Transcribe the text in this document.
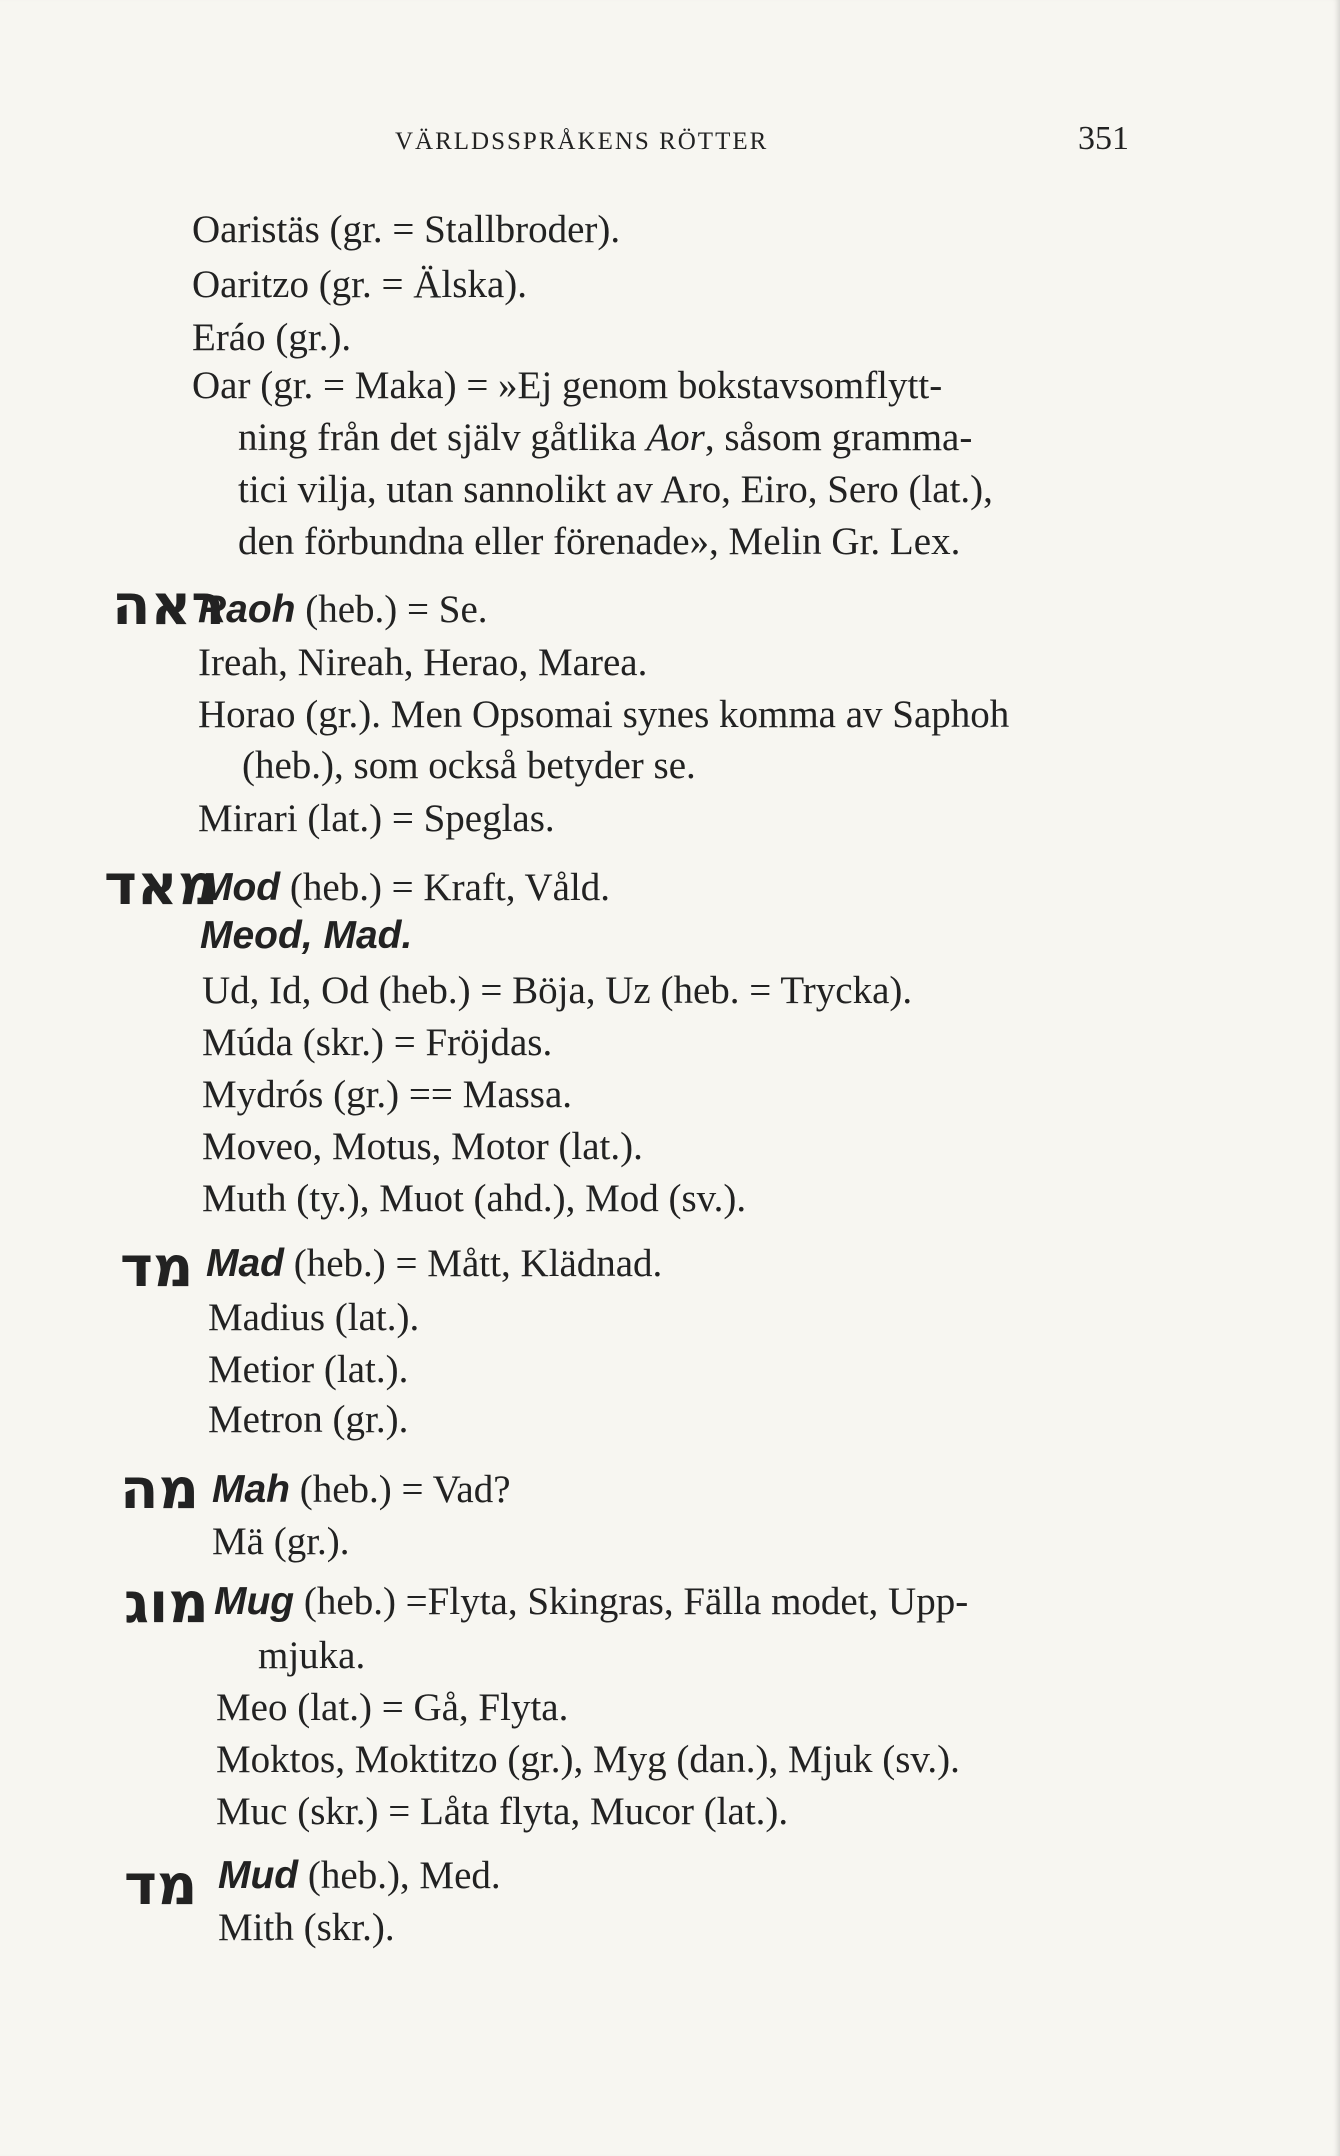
VÄRLDSSPRÅKENS RÖTTER	351
Oaristäs (gr. = Stallbroder).
Oaritzo (gr. = Älska).
Eráo (gr.).
Oar (gr. = Maka) = »Ej genom bokstavsomflytt-
ning från det själv gåtlika Aor, såsom gramma-
tici vilja, utan sannolikt av Aro, Eiro, Sero (lat.),
den förbundna eller förenade», Melin Gr. Lex.
ראה
Raoh (heb.) = Se.
Ireah, Nireah, Herao, Marea.
Horao (gr.). Men Opsomai synes komma av Saphoh
(heb.), som också betyder se.
Mirari (lat.) = Speglas.
מאד
Mod (heb.) = Kraft, Våld.
Meod, Mad.
Ud, Id, Od (heb.) = Böja, Uz (heb. = Trycka).
Múda (skr.) = Fröjdas.
Mydrós (gr.) == Massa.
Moveo, Motus, Motor (lat.).
Muth (ty.), Muot (ahd.), Mod (sv.).
מד Mad (heb.) = Mått, Klädnad.
Madius (lat.).
Metior (lat.).
Metron (gr.).
מה Mah (heb.) = Vad?
Mä (gr.).
מוג Mug (heb.) =Flyta, Skingras, Fälla modet, Upp-
mjuka.
Meo (lat.) = Gå, Flyta.
Moktos, Moktitzo (gr.), Myg (dan.), Mjuk (sv.).
Muc (skr.) = Låta flyta, Mucor (lat.).
מד Mud (heb.), Med.
Mith (skr.).
